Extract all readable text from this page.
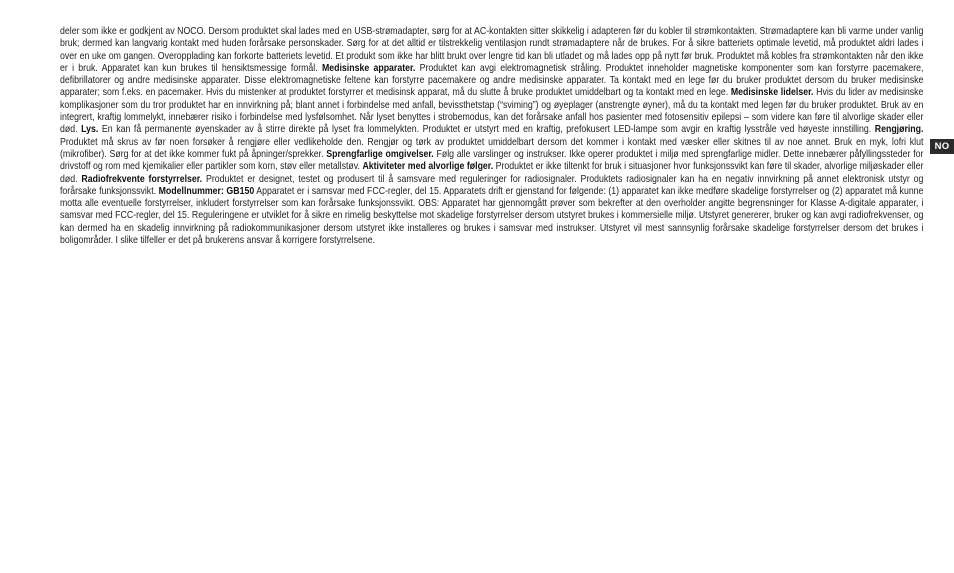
deler som ikke er godkjent av NOCO. Dersom produktet skal lades med en USB-strømadapter, sørg for at AC-kontakten sitter skikkelig i adapteren før du kobler til strømkontakten. Strømadaptere kan bli varme under vanlig bruk; dermed kan langvarig kontakt med huden forårsake personskader. Sørg for at det alltid er tilstrekkelig ventilasjon rundt strømadaptere når de brukes. For å sikre batteriets optimale levetid, må produktet aldri lades i over en uke om gangen. Overopplading kan forkorte batteriets levetid. Et produkt som ikke har blitt brukt over lengre tid kan bli utladet og må lades opp på nytt før bruk. Produktet må kobles fra strømkontakten når den ikke er i bruk. Apparatet kan kun brukes til hensiktsmessige formål. Medisinske apparater. Produktet kan avgi elektromagnetisk stråling. Produktet inneholder magnetiske komponenter som kan forstyrre pacemakere, defibrillatorer og andre medisinske apparater. Disse elektromagnetiske feltene kan forstyrre pacemakere og andre medisinske apparater. Ta kontakt med en lege før du bruker produktet dersom du bruker medisinske apparater; som f.eks. en pacemaker. Hvis du mistenker at produktet forstyrrer et medisinsk apparat, må du slutte å bruke produktet umiddelbart og ta kontakt med en lege. Medisinske lidelser. Hvis du lider av medisinske komplikasjoner som du tror produktet har en innvirkning på; blant annet i forbindelse med anfall, bevissthetstap (“sviming”) og øyeplager (anstrengte øyner), må du ta kontakt med legen før du bruker produktet. Bruk av en integrert, kraftig lommelykt, innebærer risiko i forbindelse med lysfølsomhet. Når lyset benyttes i strobemodus, kan det forårsake anfall hos pasienter med fotosensitiv epilepsi – som videre kan føre til alvorlige skader eller død. Lys. En kan få permanente øyenskader av å stirre direkte på lyset fra lommelykten. Produktet er utstyrt med en kraftig, prefokusert LED-lampe som avgir en kraftig lysstråle ved høyeste innstilling. Rengjøring. Produktet må skrus av før noen forsøker å rengjøre eller vedlikeholde den. Rengjør og tørk av produktet umiddelbart dersom det kommer i kontakt med væsker eller skitnes til av noe annet. Bruk en myk, lofri klut (mikrofiber). Sørg for at det ikke kommer fukt på åpninger/sprekker. Sprengfarlige omgivelser. Følg alle varslinger og instrukser. Ikke operer produktet i miljø med sprengfarlige midler. Dette innebærer påfyllingssteder for drivstoff og rom med kjemikalier eller partikler som korn, støv eller metallstøv. Aktiviteter med alvorlige følger. Produktet er ikke tiltenkt for bruk i situasjoner hvor funksjonssvikt kan føre til skader, alvorlige miljøskader eller død. Radiofrekvente forstyrrelser. Produktet er designet, testet og produsert til å samsvare med reguleringer for radiosignaler. Produktets radiosignaler kan ha en negativ innvirkning på annet elektronisk utstyr og forårsake funksjonssvikt. Modellnummer: GB150 Apparatet er i samsvar med FCC-regler, del 15. Apparatets drift er gjenstand for følgende: (1) apparatet kan ikke medføre skadelige forstyrrelser og (2) apparatet må kunne motta alle eventuelle forstyrrelser, inkludert forstyrrelser som kan forårsake funksjonssvikt. OBS: Apparatet har gjennomgått prøver som bekrefter at den overholder angitte begrensninger for Klasse A-digitale apparater, i samsvar med FCC-regler, del 15. Reguleringene er utviklet for å sikre en rimelig beskyttelse mot skadelige forstyrrelser dersom utstyret brukes i kommersielle miljø. Utstyret genererer, bruker og kan avgi radiofrekvenser, og kan dermed ha en skadelig innvirkning på radiokommunikasjoner dersom utstyret ikke installeres og brukes i samsvar med instrukser. Utstyret vil mest sannsynlig forårsake skadelige forstyrrelser dersom det brukes i boligområder. I slike tilfeller er det på brukerens ansvar å korrigere forstyrrelsene.

NO
